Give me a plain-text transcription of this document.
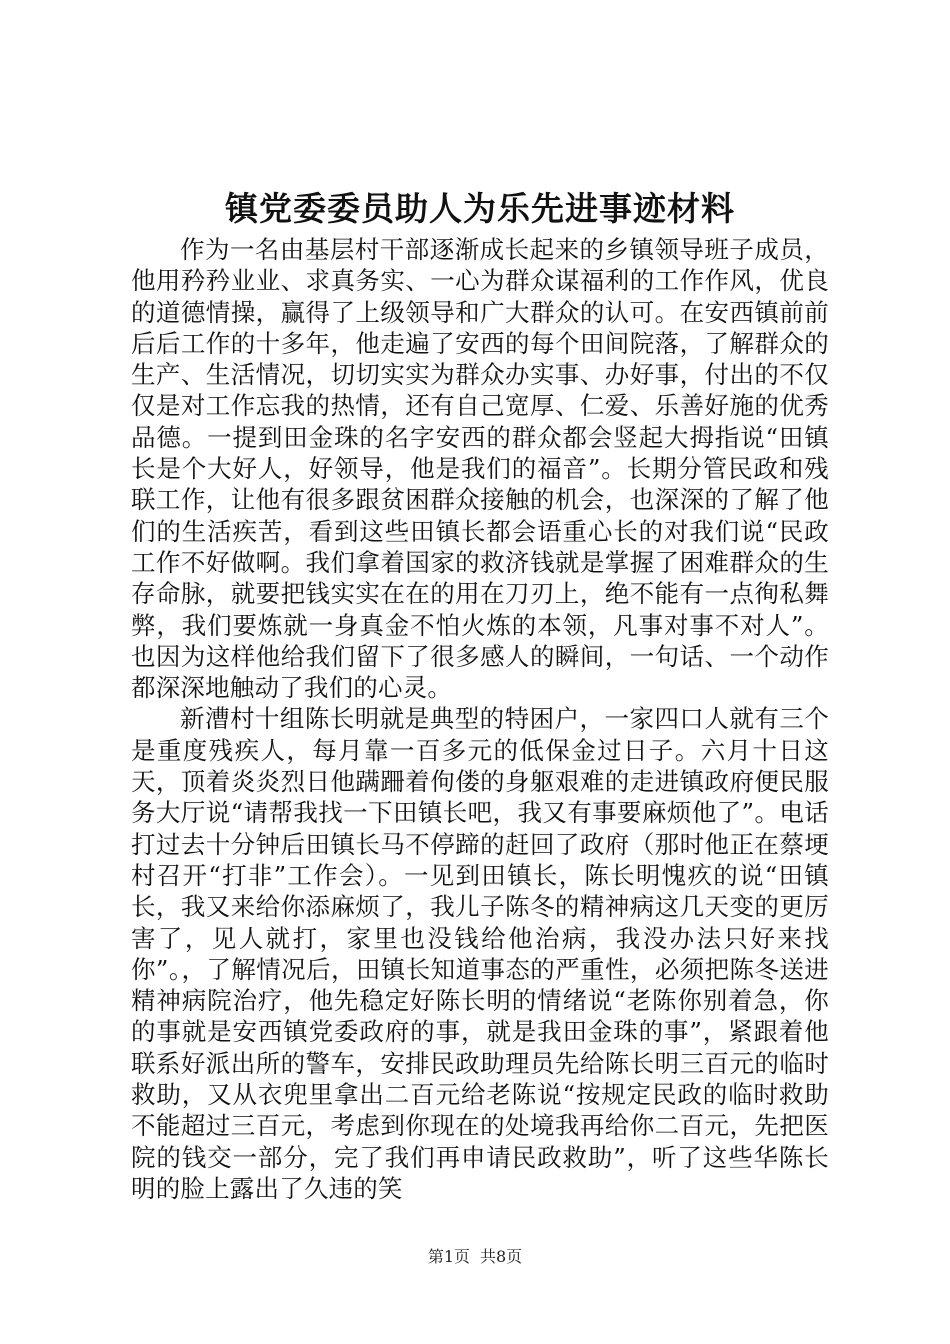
镇党委委员助人为乐先进事迹材料

作为一名由基层村干部逐渐成长起来的乡镇领导班子成员，他用矜矜业业、求真务实、一心为群众谋福利的工作作风，优良的道德情操，赢得了上级领导和广大群众的认可。在安西镇前前后后工作的十多年，他走遍了安西的每个田间院落，了解群众的生产、生活情况，切切实实为群众办实事、办好事，付出的不仅仅是对工作忘我的热情，还有自己宽厚、仁爱、乐善好施的优秀品德。一提到田金珠的名字安西的群众都会竖起大拇指说“田镇长是个大好人，好领导，他是我们的福音”。长期分管民政和残联工作，让他有很多跟贫困群众接触的机会，也深深的了解了他们的生活疾苦，看到这些田镇长都会语重心长的对我们说“民政工作不好做啊。我们拿着国家的救济钱就是掌握了困难群众的生存命脉，就要把钱实实在在的用在刀刃上，绝不能有一点徇私舞弊，我们要炼就一身真金不怕火炼的本领，凡事对事不对人”。也因为这样他给我们留下了很多感人的瞬间，一句话、一个动作都深深地触动了我们的心灵。

新漕村十组陈长明就是典型的特困户，一家四口人就有三个是重度残疾人，每月靠一百多元的低保金过日子。六月十日这天，顶着炎炎烈日他蹒跚着佝偻的身躯艰难的走进镇政府便民服务大厅说“请帮我找一下田镇长吧，我又有事要麻烦他了”。电话打过去十分钟后田镇长马不停蹄的赶回了政府（那时他正在蔡埂村召开“打非”工作会）。一见到田镇长，陈长明愧疚的说“田镇长，我又来给你添麻烦了，我儿子陈冬的精神病这几天变的更厉害了，见人就打，家里也没钱给他治病，我没办法只好来找你”。，了解情况后，田镇长知道事态的严重性，必须把陈冬送进精神病院治疗，他先稳定好陈长明的情绪说“老陈你别着急，你的事就是安西镇党委政府的事，就是我田金珠的事”，紧跟着他联系好派出所的警车，安排民政助理员先给陈长明三百元的临时救助，又从衣兜里拿出二百元给老陈说“按规定民政的临时救助不能超过三百元，考虑到你现在的处境我再给你二百元，先把医院的钱交一部分，完了我们再申请民政救助”，听了这些华陈长明的脸上露出了久违的笑

第1页 共8页
